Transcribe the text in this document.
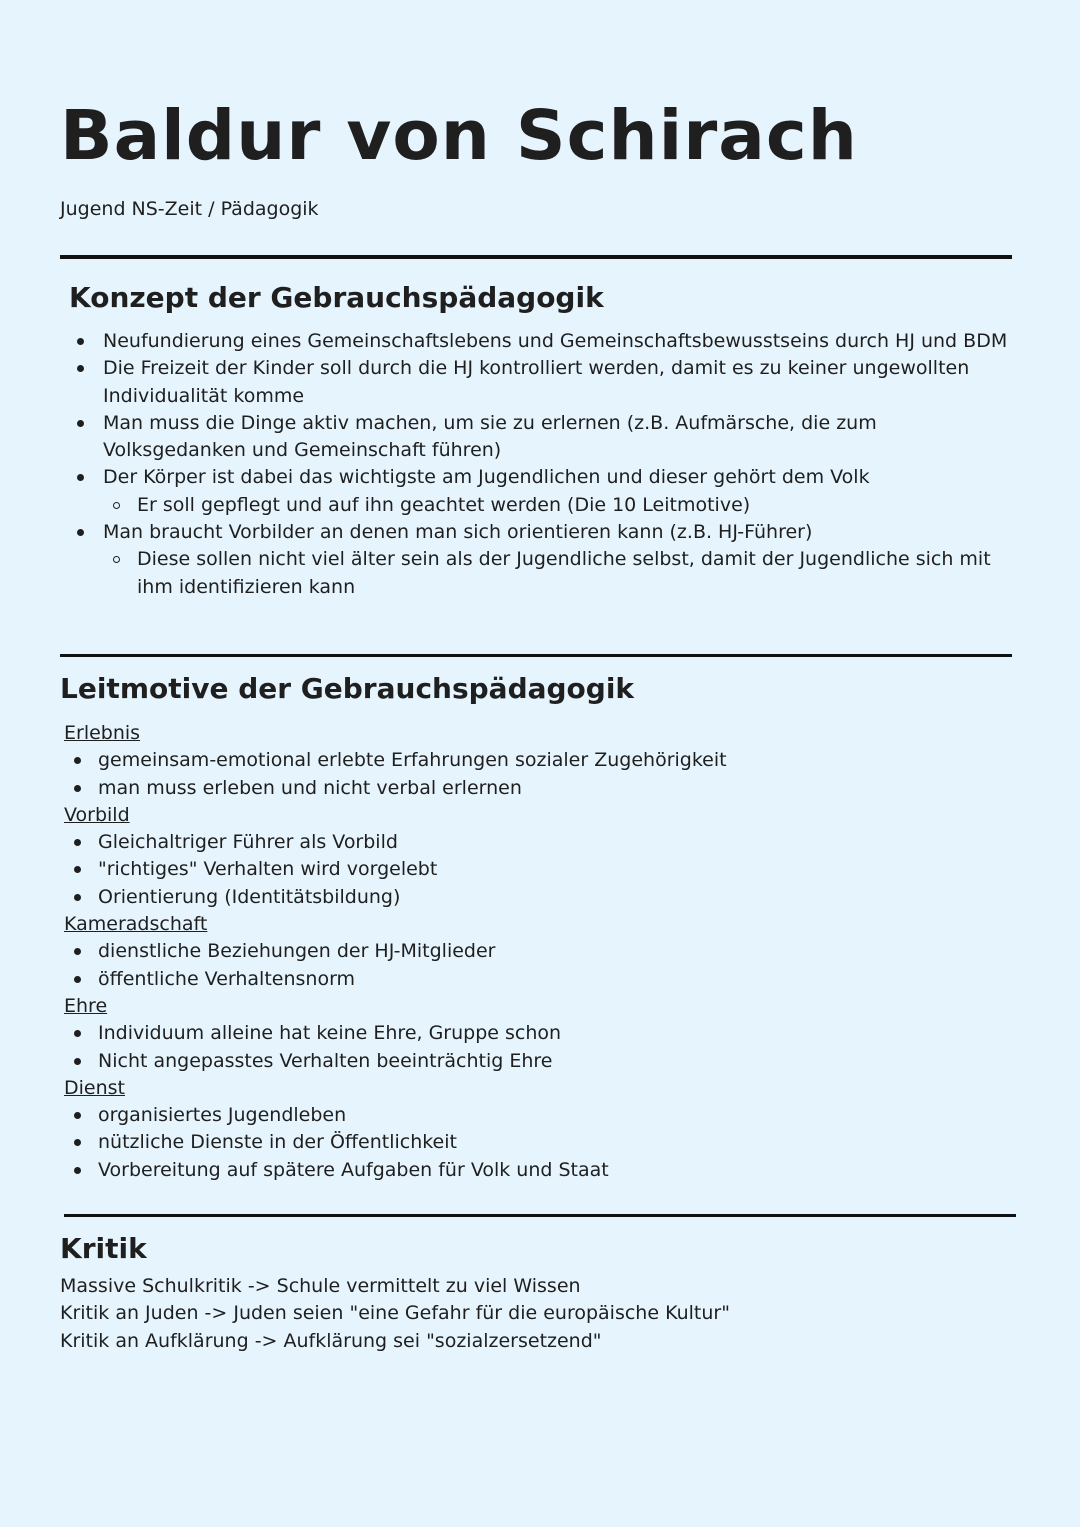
Baldur von Schirach
Jugend NS-Zeit / Pädagogik
Konzept der Gebrauchspädagogik
Neufundierung eines Gemeinschaftslebens und Gemeinschaftsbewusstseins durch HJ und BDM
Die Freizeit der Kinder soll durch die HJ kontrolliert werden, damit es zu keiner ungewollten Individualität komme
Man muss die Dinge aktiv machen, um sie zu erlernen (z.B. Aufmärsche, die zum Volksgedanken und Gemeinschaft führen)
Der Körper ist dabei das wichtigste am Jugendlichen und dieser gehört dem Volk
Er soll gepflegt und auf ihn geachtet werden (Die 10 Leitmotive)
Man braucht Vorbilder an denen man sich orientieren kann (z.B. HJ-Führer)
Diese sollen nicht viel älter sein als der Jugendliche selbst, damit der Jugendliche sich mit ihm identifizieren kann
Leitmotive der Gebrauchspädagogik
Erlebnis
gemeinsam-emotional erlebte Erfahrungen sozialer Zugehörigkeit
man muss erleben und nicht verbal erlernen
Vorbild
Gleichaltriger Führer als Vorbild
"richtiges" Verhalten wird vorgelebt
Orientierung (Identitätsbildung)
Kameradschaft
dienstliche Beziehungen der HJ-Mitglieder
öffentliche Verhaltensnorm
Ehre
Individuum alleine hat keine Ehre, Gruppe schon
Nicht angepasstes Verhalten beeinträchtig Ehre
Dienst
organisiertes Jugendleben
nützliche Dienste in der Öffentlichkeit
Vorbereitung auf spätere Aufgaben für Volk und Staat
Kritik
Massive Schulkritik -> Schule vermittelt zu viel Wissen
Kritik an Juden -> Juden seien "eine Gefahr für die europäische Kultur"
Kritik an Aufklärung -> Aufklärung sei "sozialzersetzend"
